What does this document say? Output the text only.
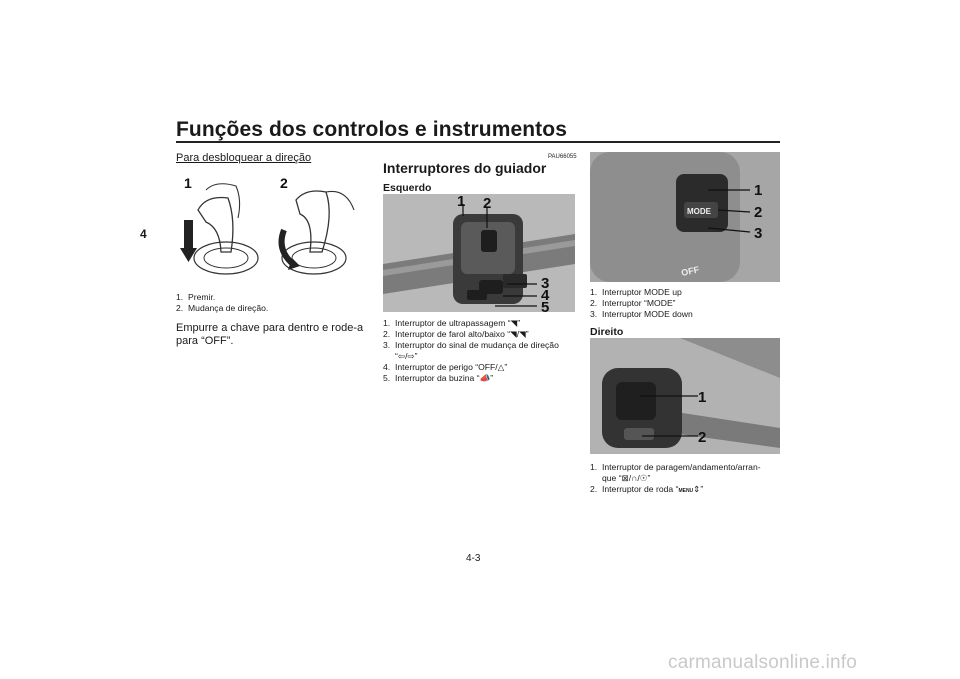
Funções dos controlos e instrumentos
4
Para desbloquear a direção
1	2
1. Premir.
2. Mudança de direção.
Empurre a chave para dentro e rode-a para “OFF”.
PAU66055
Interruptores do guiador
Esquerdo
1 2
3
4
5
1. Interruptor de ultrapassagem “◥”
2. Interruptor de farol alto/baixo “◥/◥”
3. Interruptor do sinal de mudança de direção
“⇦/⇨”
4. Interruptor de perigo “OFF/△”
5. Interruptor da buzina “📣”
MODE
OFF
1
2
3
1. Interruptor MODE up
2. Interruptor “MODE”
3. Interruptor MODE down
Direito
1
2
1. Interruptor de paragem/andamento/arran-
que “⊠/∩/☉”
2. Interruptor de roda “MENU⇕”
4-3
carmanualsonline.info
